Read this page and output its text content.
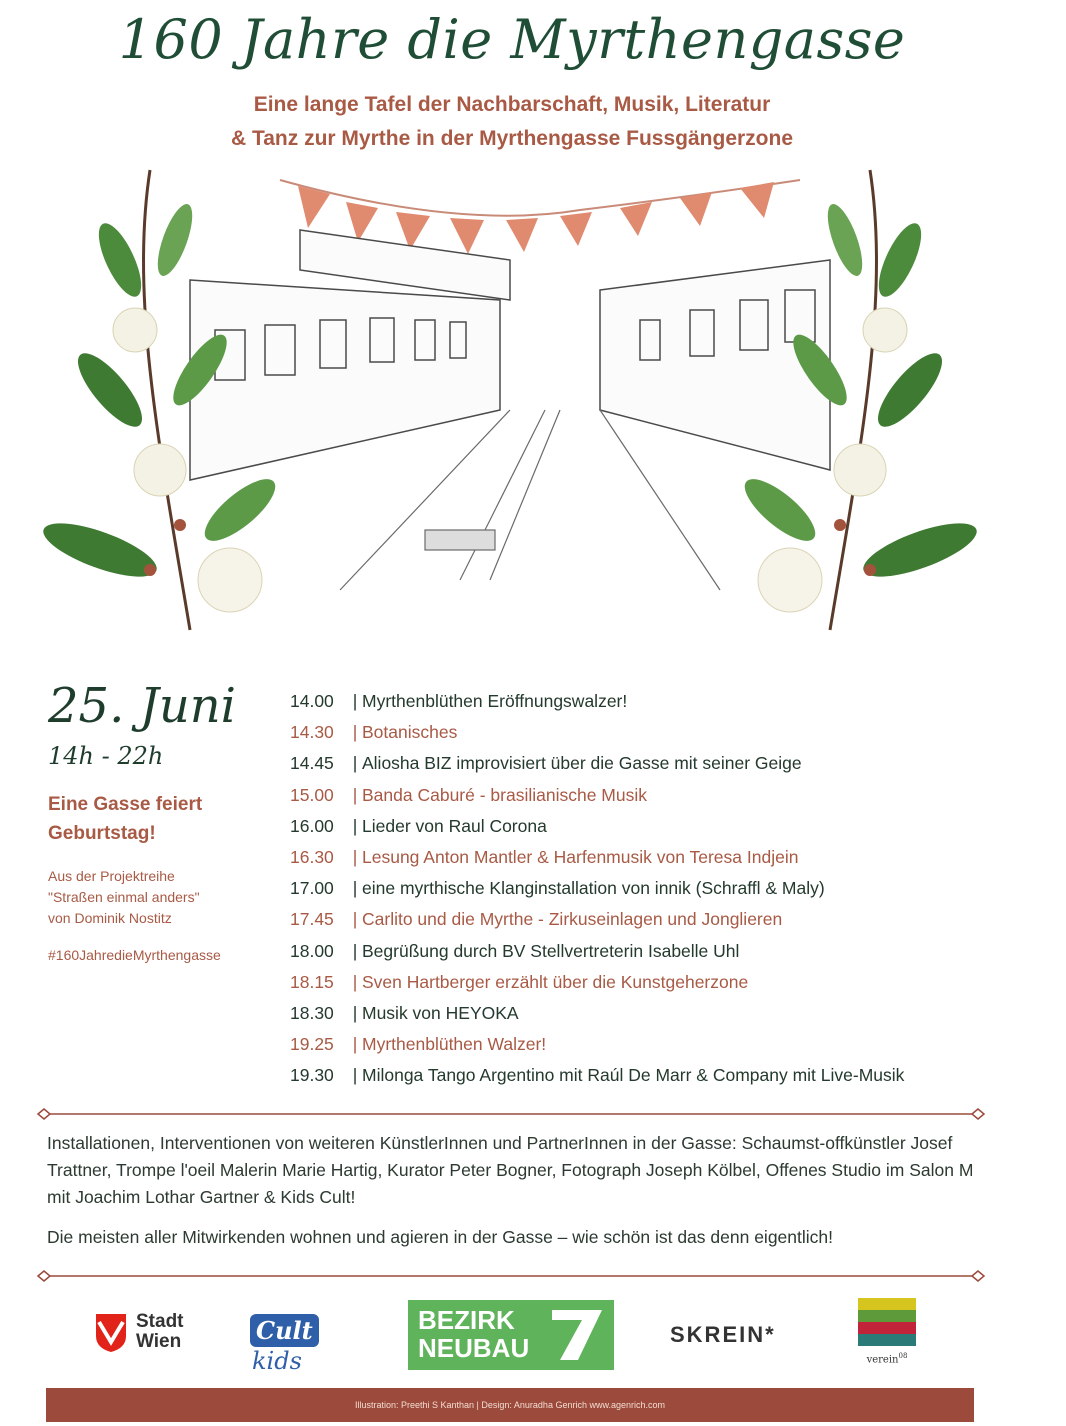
160 Jahre die Myrthengasse
Eine lange Tafel der Nachbarschaft, Musik, Literatur
& Tanz zur Myrthe in der Myrthengasse Fussgängerzone
25. Juni
14h - 22h
Eine Gasse feiert Geburtstag!
Aus der Projektreihe
"Straßen einmal anders"
von Dominik Nostitz
#160JahredieMyrthengasse
14.00 | Myrthenblüthen Eröffnungswalzer!
14.30 | Botanisches
14.45 | Aliosha BIZ improvisiert über die Gasse mit seiner Geige
15.00 | Banda Caburé - brasilianische Musik
16.00 | Lieder von Raul Corona
16.30 | Lesung Anton Mantler & Harfenmusik von Teresa Indjein
17.00 | eine myrthische Klanginstallation von innik (Schraffl & Maly)
17.45 | Carlito und die Myrthe - Zirkuseinlagen und Jonglieren
18.00 | Begrüßung durch BV Stellvertreterin Isabelle Uhl
18.15 | Sven Hartberger erzählt über die Kunstgeherzone
18.30 | Musik von HEYOKA
19.25 | Myrthenblüthen Walzer!
19.30 | Milonga Tango Argentino mit Raúl De Marr & Company mit Live-Musik

Installationen, Interventionen von weiteren KünstlerInnen und PartnerInnen in der Gasse: Schaumst-offkünstler Josef Trattner, Trompe l'oeil Malerin Marie Hartig, Kurator Peter Bogner, Fotograph Joseph Kölbel, Offenes Studio im Salon M mit Joachim Lothar Gartner & Kids Cult!

Die meisten aller Mitwirkenden wohnen und agieren in der Gasse – wie schön ist das denn eigentlich!

Stadt
Wien	Cult kids
BEZIRK
NEUBAU	SKREIN*
verein$^{08}$
Illustration: Preethi S Kanthan | Design: Anuradha Genrich www.agenrich.com
